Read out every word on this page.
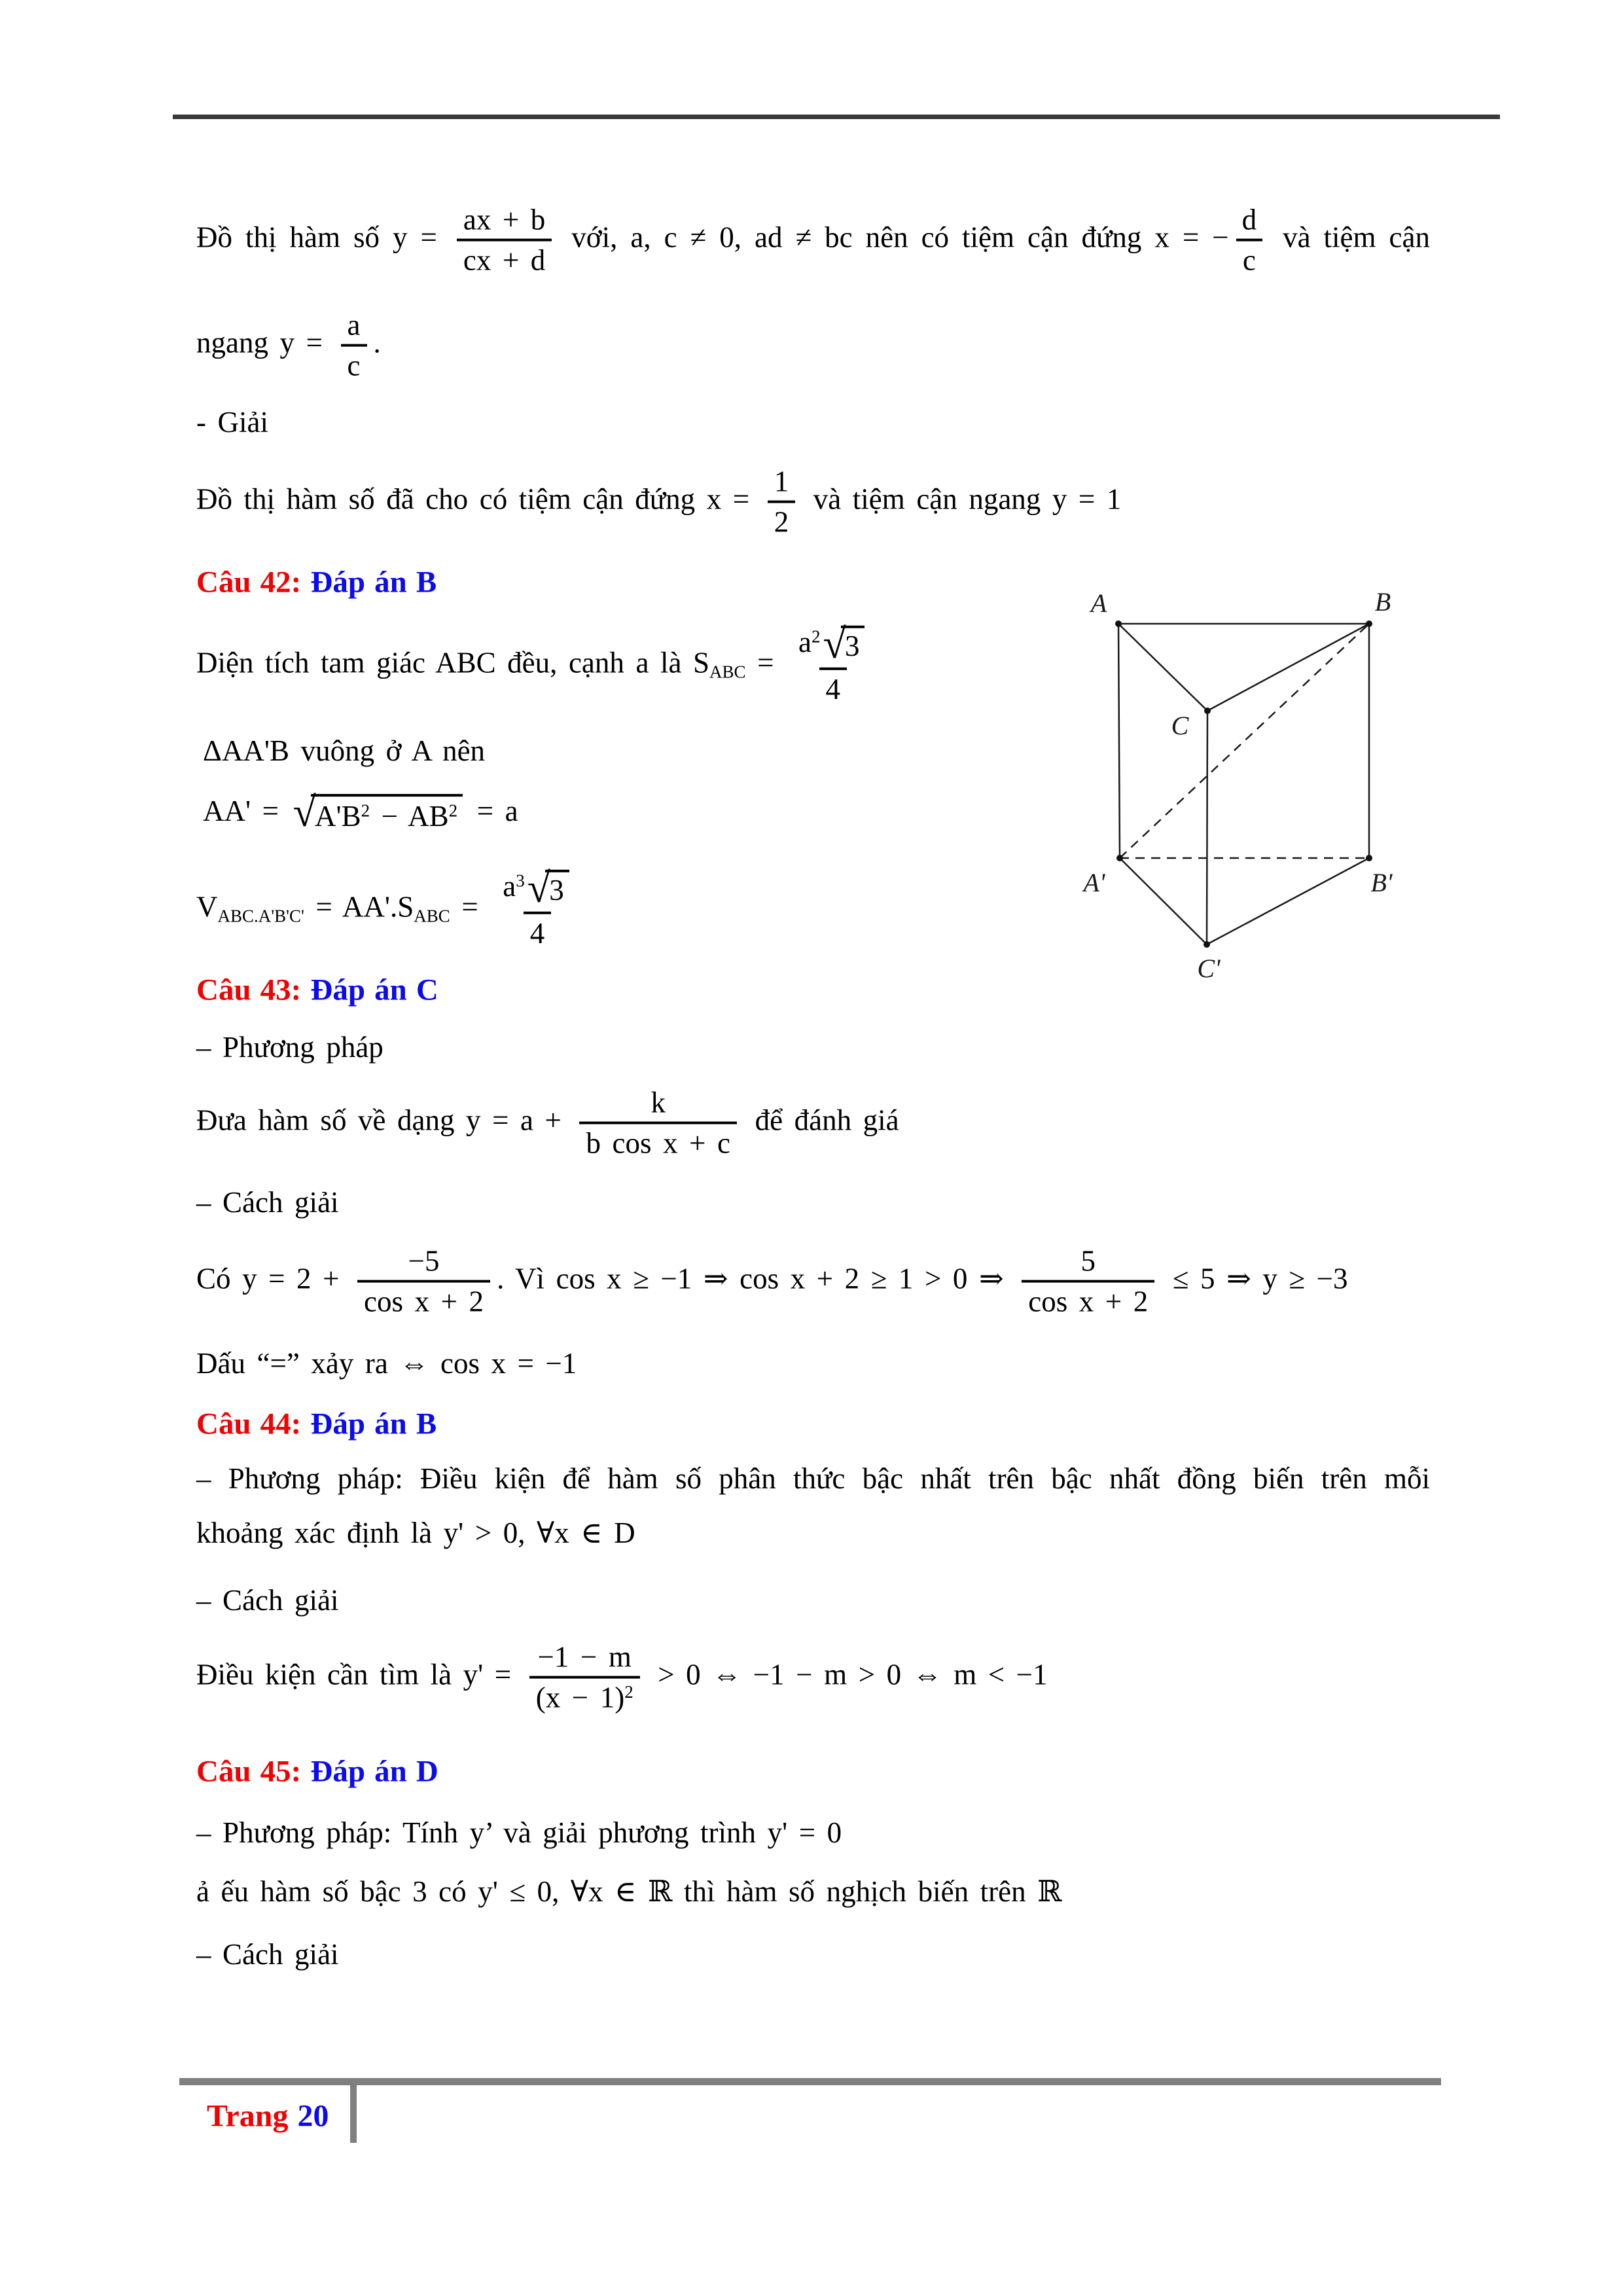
Đồ thị hàm số $y = \frac{ax + b}{cx + d}$ với, a, c ≠ 0, ad ≠ bc nên có tiệm cận đứng x = − $\frac{d}{c}$ và tiệm cận
ngang $y = \frac{a}{c}$ .
- Giải
Đồ thị hàm số đã cho có tiệm cận đứng $x = \frac{1}{2}$ và tiệm cận ngang y = 1
Câu 42: Đáp án B
Diện tích tam giác ABC đều, cạnh a là $S_{ABC} = a^2$ √
3
4
ΔAA'B vuông ở A nên
AA' = √
$A'B^2 - AB^2 = a$
$V_{ABC.A'B'C'} = AA'.S_{ABC} = a^3$ √
3
4
Câu 43: Đáp án C
– Phương pháp
Đưa hàm số về dạng $y = a + \frac{k}{\text{b cos x + c}}$ để đánh giá
– Cách giải
Có $y = 2 + \frac{-5}{\text{cos x + 2}}$ . Vì cos x ≥ −1 ⇒ cos x + 2 ≥ 1 > 0 ⇒ $\frac{5}{\text{cos x + 2}} \le 5$ ⇒ y ≥ −3
Dấu “=” xảy ra ⇔ cos x = −1
Câu 44: Đáp án B
– Phương pháp: Điều kiện để hàm số phân thức bậc nhất trên bậc nhất đồng biến trên mỗi
khoảng xác định là y' > 0, ∀x ∈ D
– Cách giải
Điều kiện cần tìm là $y' = \frac{-1 - m}{(x - 1)^2} > 0$ ⇔ −1 − m > 0 ⇔ m < −1
Câu 45: Đáp án D
– Phương pháp: Tính y’ và giải phương trình y' = 0
ả ếu hàm số bậc 3 có y' ≤ 0, ∀x ∈ ℝ thì hàm số nghịch biến trên ℝ
– Cách giải
A	B
C
A'	B'
C'
Trang 20
